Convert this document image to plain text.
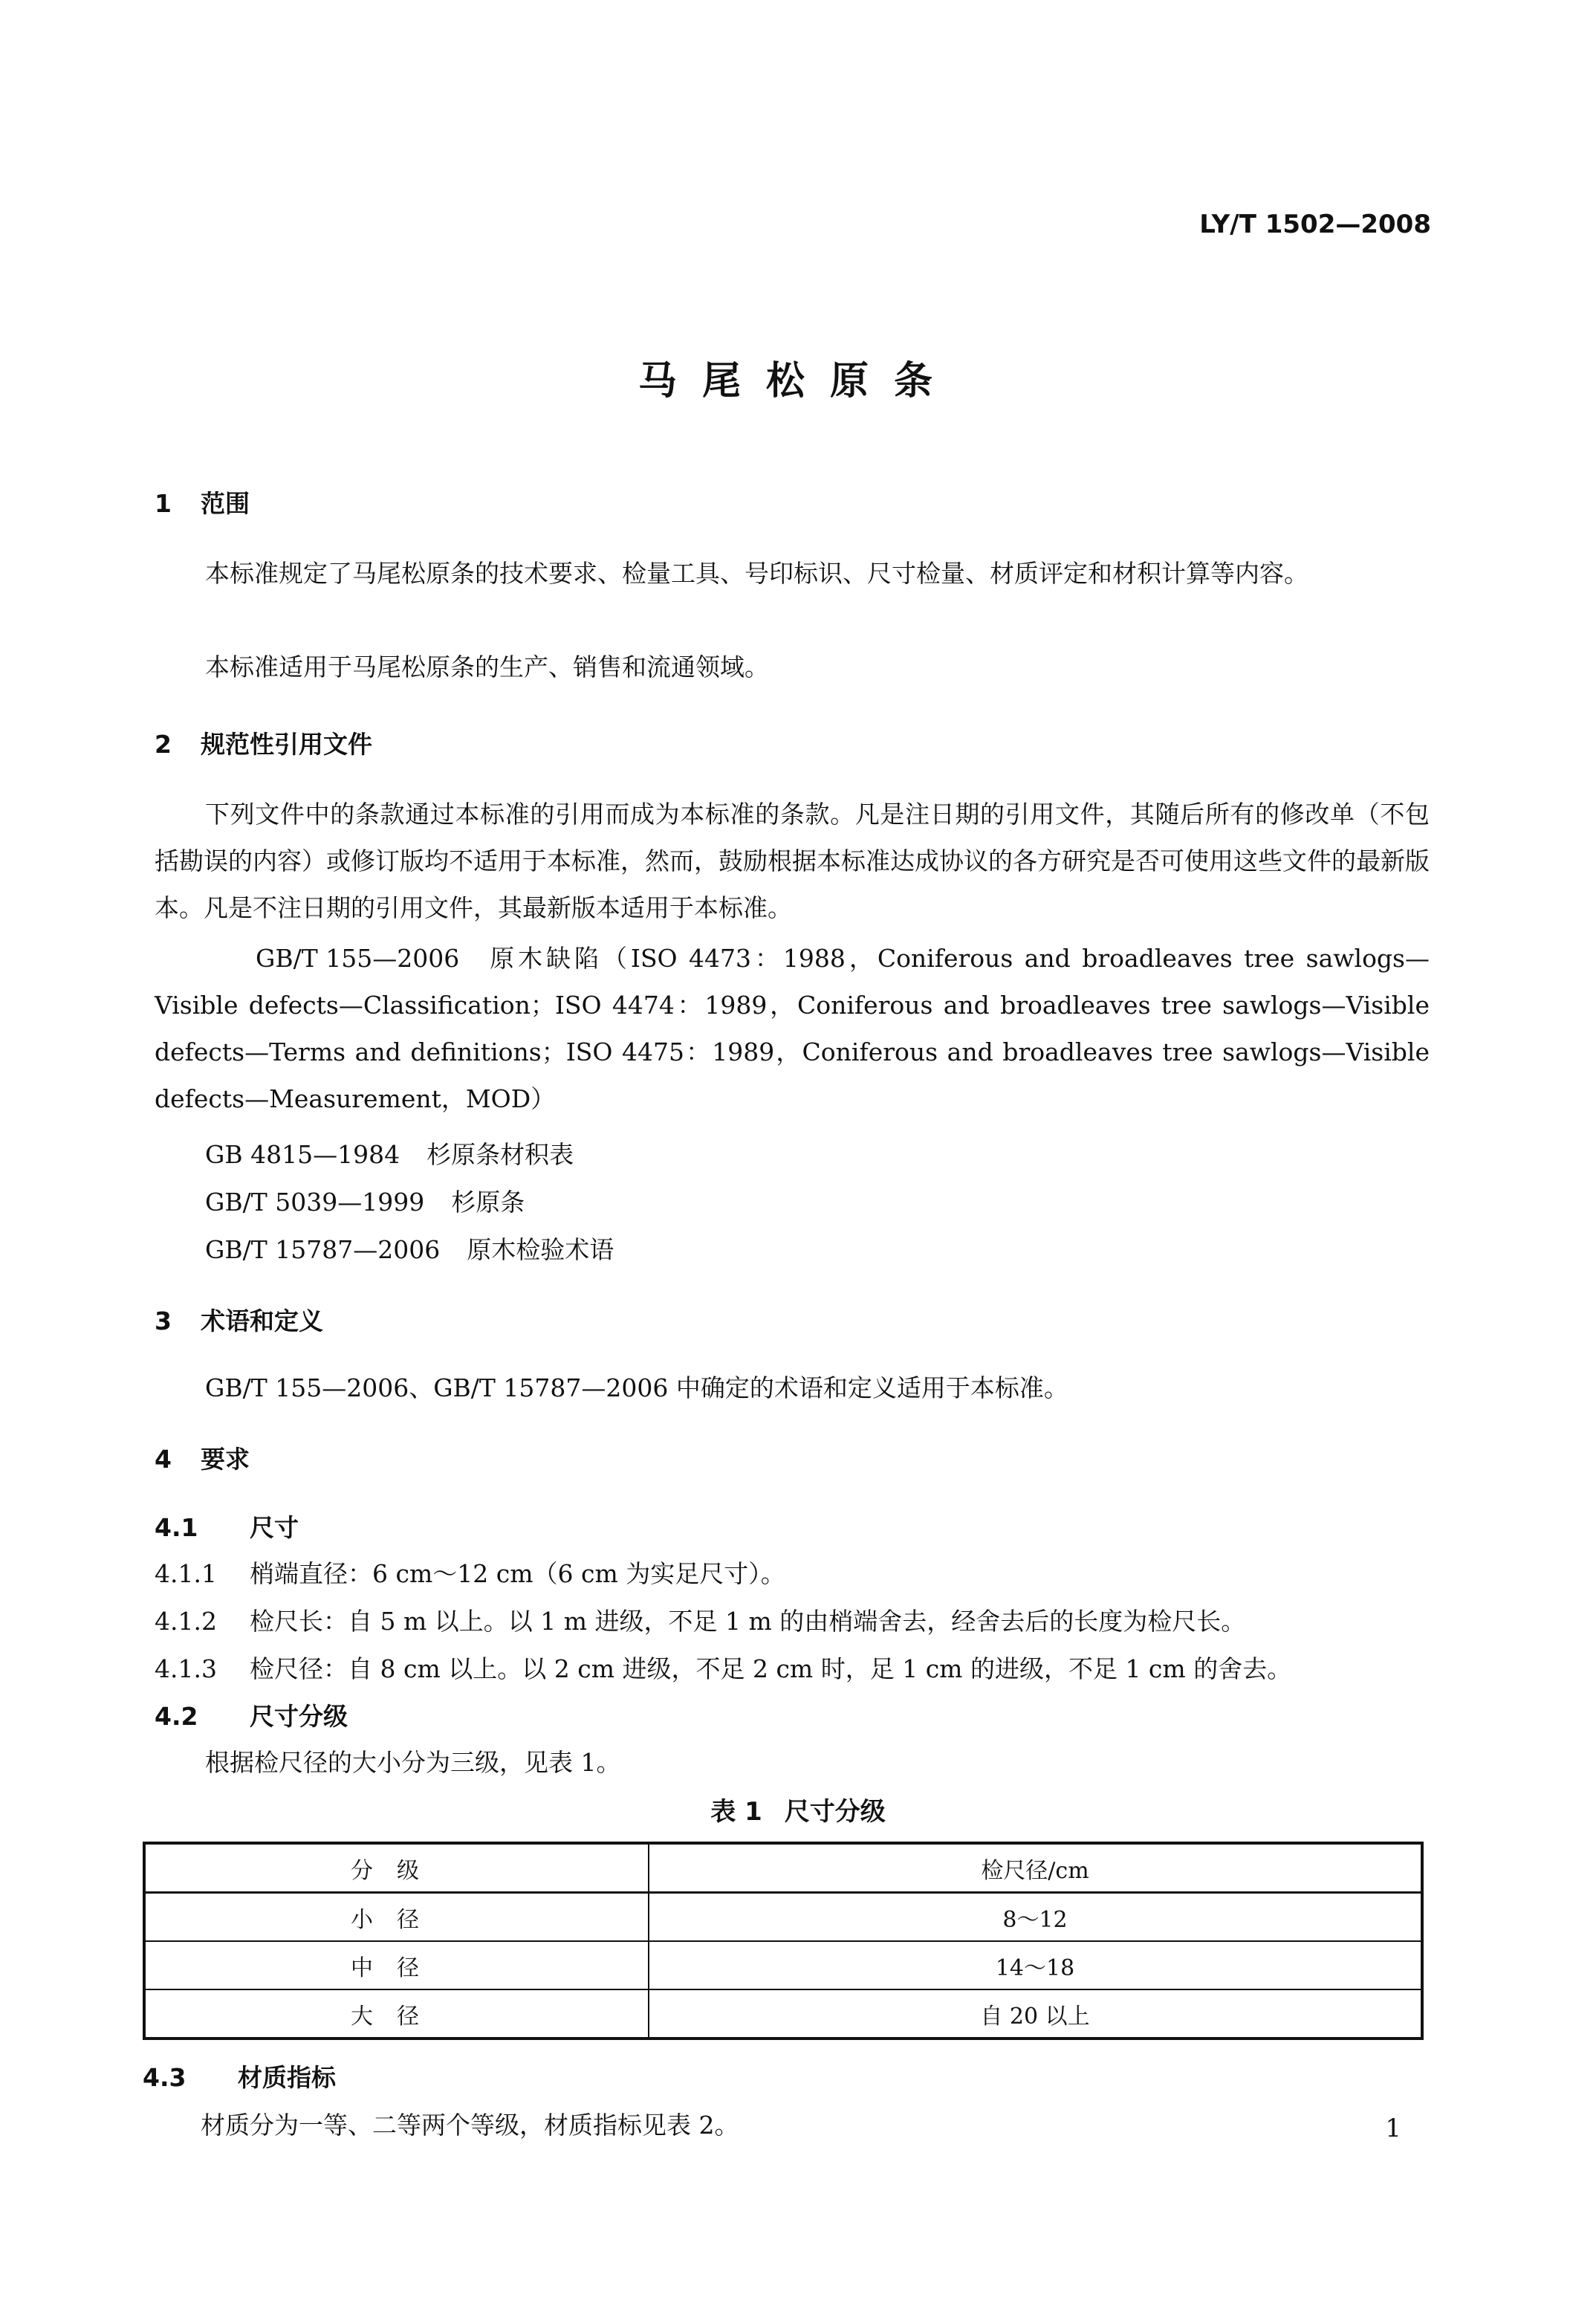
LY/T 1502—2008
马尾松原条
1 范围
本标准规定了马尾松原条的技术要求、检量工具、号印标识、尺寸检量、材质评定和材积计算等内容。
本标准适用于马尾松原条的生产、销售和流通领域。
2 规范性引用文件
下列文件中的条款通过本标准的引用而成为本标准的条款。凡是注日期的引用文件，其随后所有的修改单（不包括勘误的内容）或修订版均不适用于本标准，然而，鼓励根据本标准达成协议的各方研究是否可使用这些文件的最新版本。凡是不注日期的引用文件，其最新版本适用于本标准。
GB/T 155—2006 原木缺陷（ISO 4473：1988，Coniferous and broadleaves tree sawlogs—Visible defects—Classification；ISO 4474：1989，Coniferous and broadleaves tree sawlogs—Visible defects—Terms and definitions；ISO 4475：1989，Coniferous and broadleaves tree sawlogs—Visible defects—Measurement，MOD）
GB 4815—1984 杉原条材积表
GB/T 5039—1999 杉原条
GB/T 15787—2006 原木检验术语
3 术语和定义
GB/T 155—2006、GB/T 15787—2006 中确定的术语和定义适用于本标准。
4 要求
4.1 尺寸
4.1.1 梢端直径：6 cm～12 cm（6 cm 为实足尺寸）。
4.1.2 检尺长：自 5 m 以上。以 1 m 进级，不足 1 m 的由梢端舍去，经舍去后的长度为检尺长。
4.1.3 检尺径：自 8 cm 以上。以 2 cm 进级，不足 2 cm 时，足 1 cm 的进级，不足 1 cm 的舍去。
4.2 尺寸分级
根据检尺径的大小分为三级，见表 1。
表 1 尺寸分级
分级	检尺径/cm
小径	8～12
中径	14～18
大径	自 20 以上
4.3 材质指标
材质分为一等、二等两个等级，材质指标见表 2。	1
